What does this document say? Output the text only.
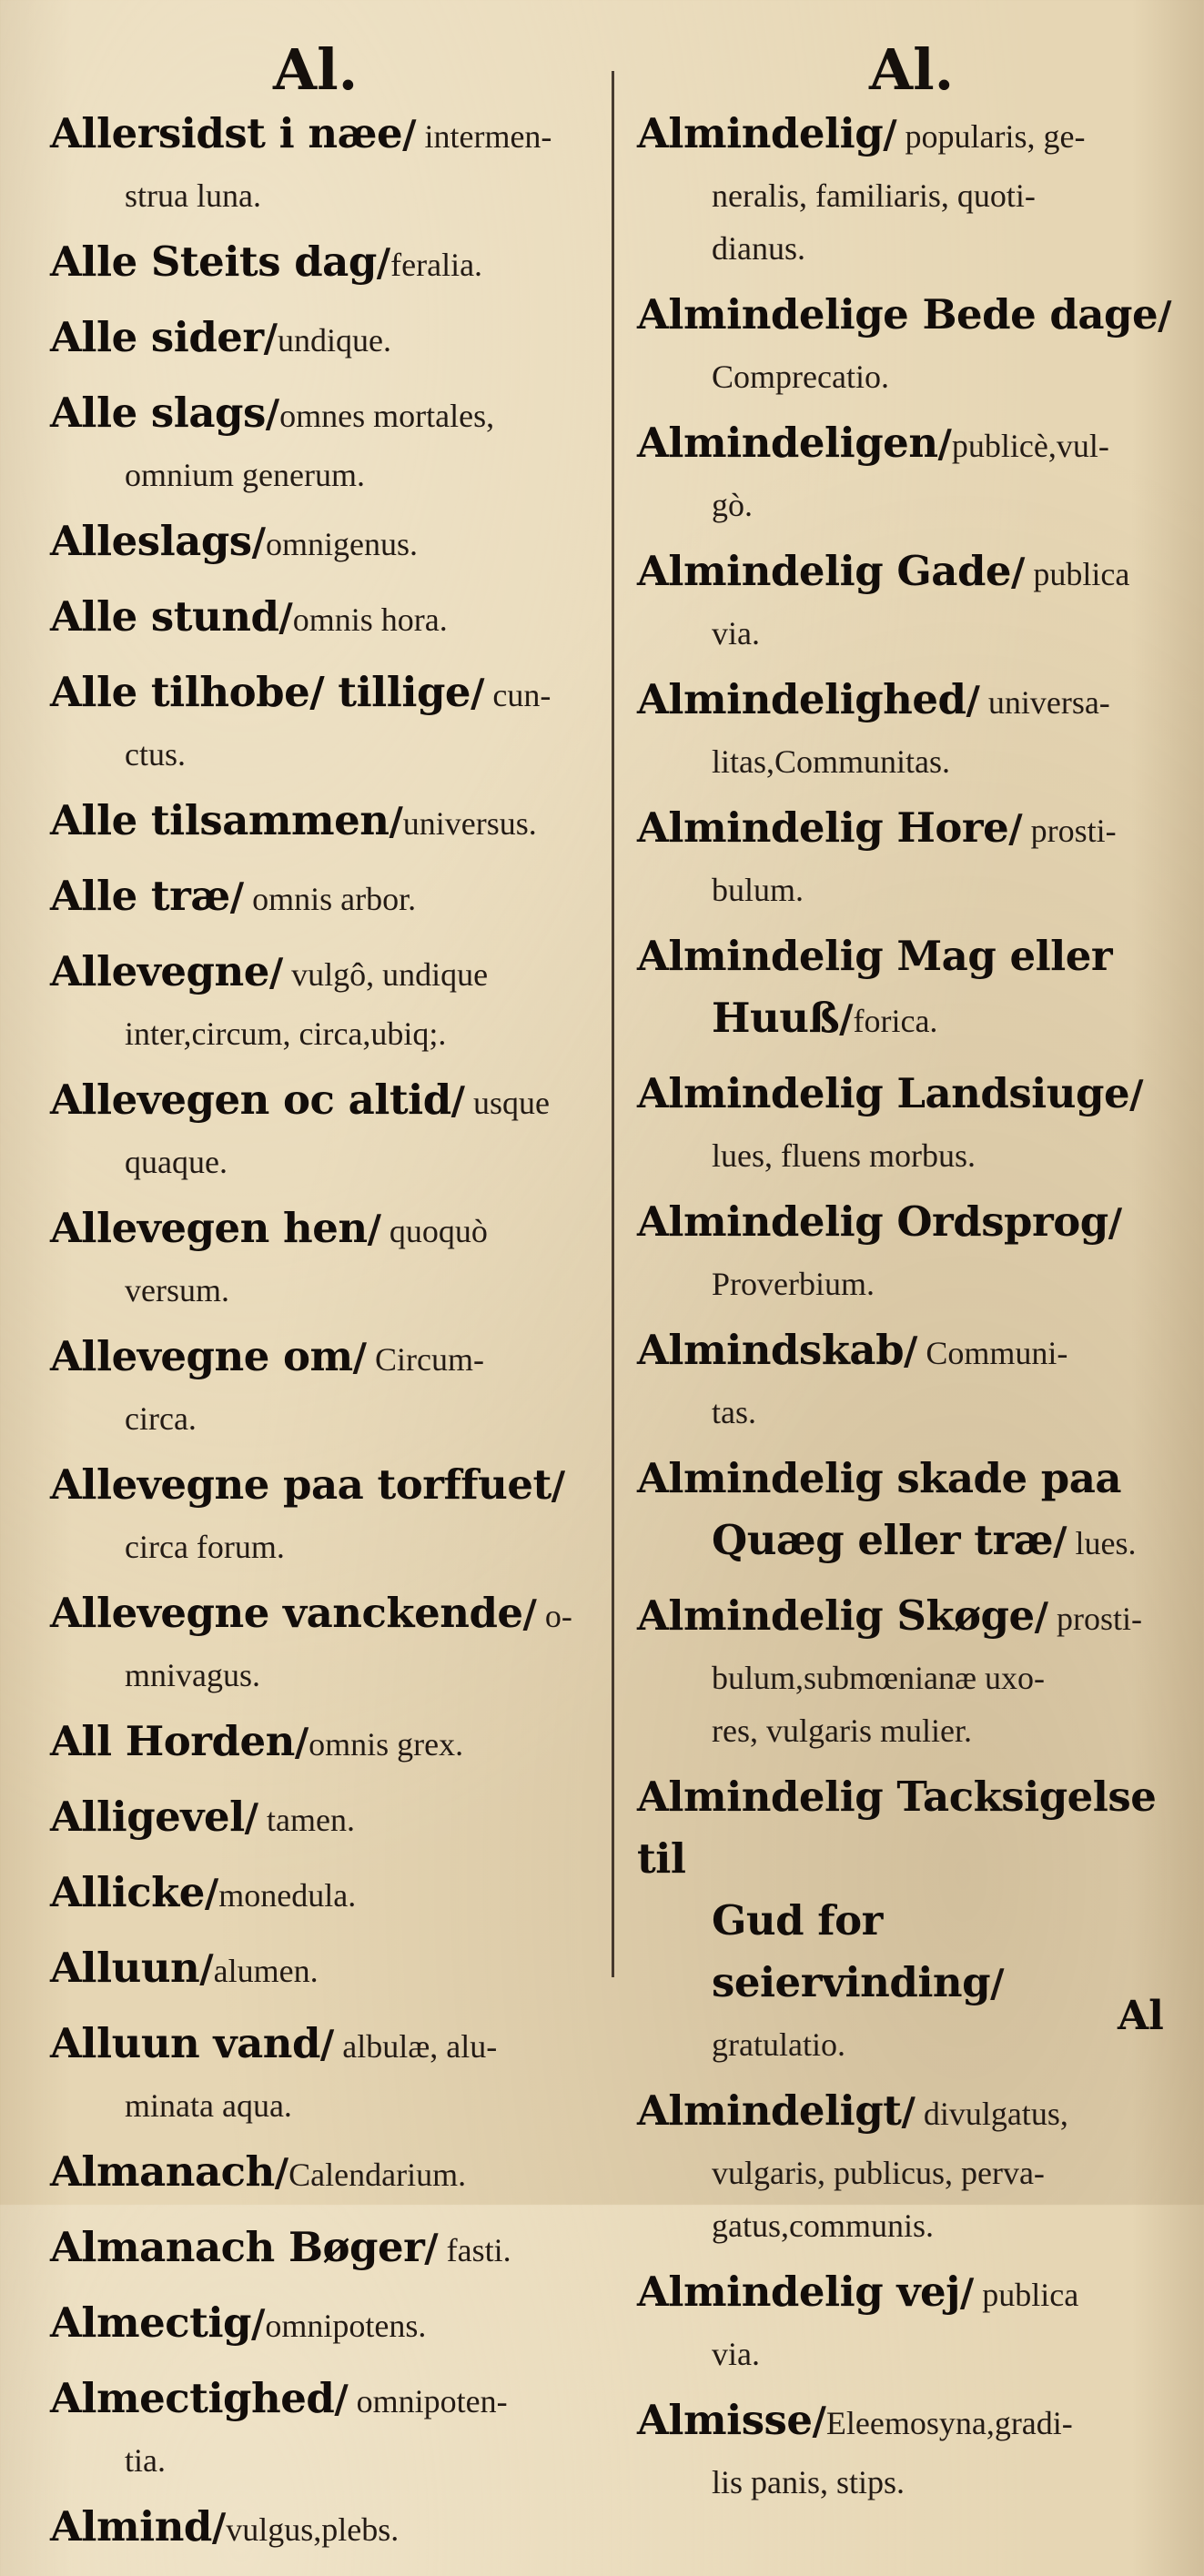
Al.	Al.
Allersidst i næe/ intermen-
strua luna.
Alle Steits dag/feralia.
Alle sider/undique.
Alle slags/omnes mortales,
omnium generum.
Alleslags/omnigenus.
Alle stund/omnis hora.
Alle tilhobe/ tillige/ cun-
ctus.
Alle tilsammen/universus.
Alle træ/ omnis arbor.
Allevegne/ vulgô, undique
inter,circum, circa,ubiq;.
Allevegen oc altid/ usque
quaque.
Allevegen hen/ quoquò
versum.
Allevegne om/ Circum-
circa.
Allevegne paa torffuet/
circa forum.
Allevegne vanckende/ o-
mnivagus.
All Horden/omnis grex.
Alligevel/ tamen.
Allicke/monedula.
Alluun/alumen.
Alluun vand/ albulæ, alu-
minata aqua.
Almanach/Calendarium.
Almanach Bøger/ fasti.
Almectig/omnipotens.
Almectighed/ omnipoten-
tia.
Almind/vulgus,plebs.
Almindelig/ popularis, ge-
neralis, familiaris, quoti-
dianus.
Almindelige Bede dage/
Comprecatio.
Almindeligen/publicè,vul-
gò.
Almindelig Gade/ publica
via.
Almindelighed/ universa-
litas,Communitas.
Almindelig Hore/ prosti-
bulum.
Almindelig Mag eller
Huuß/forica.
Almindelig Landsiuge/
lues, fluens morbus.
Almindelig Ordsprog/
Proverbium.
Almindskab/ Communi-
tas.
Almindelig skade paa
Quæg eller træ/ lues.
Almindelig Skøge/ prosti-
bulum,submœnianæ uxo-
res, vulgaris mulier.
Almindelig Tacksigelse til
Gud for seiervinding/
gratulatio.
Almindeligt/ divulgatus,
vulgaris, publicus, perva-
gatus,communis.
Almindelig vej/ publica
via.
Almisse/Eleemosyna,gradi-
lis panis, stips.
Al
